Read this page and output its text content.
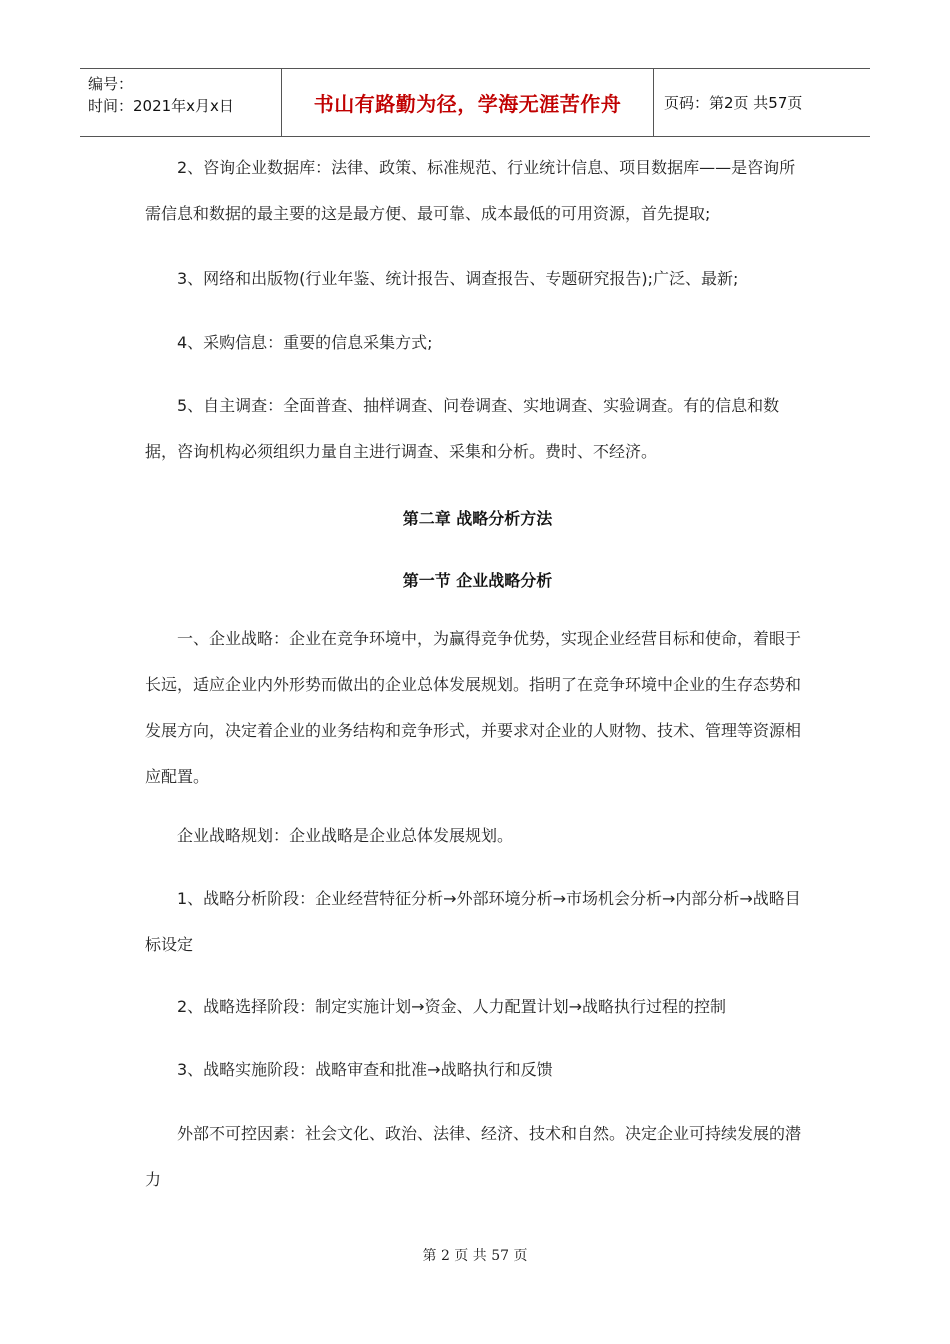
编号：
时间：2021年x月x日	书山有路勤为径，学海无涯苦作舟	页码：第2页 共57页
2、咨询企业数据库：法律、政策、标准规范、行业统计信息、项目数据库——是咨询所需信息和数据的最主要的这是最方便、最可靠、成本最低的可用资源，首先提取;
3、网络和出版物(行业年鉴、统计报告、调查报告、专题研究报告);广泛、最新;
4、采购信息：重要的信息采集方式;
5、自主调查：全面普查、抽样调查、问卷调查、实地调查、实验调查。有的信息和数据，咨询机构必须组织力量自主进行调查、采集和分析。费时、不经济。
第二章 战略分析方法
第一节 企业战略分析
一、企业战略：企业在竞争环境中，为赢得竞争优势，实现企业经营目标和使命，着眼于长远，适应企业内外形势而做出的企业总体发展规划。指明了在竞争环境中企业的生存态势和发展方向，决定着企业的业务结构和竞争形式，并要求对企业的人财物、技术、管理等资源相应配置。
企业战略规划：企业战略是企业总体发展规划。
1、战略分析阶段：企业经营特征分析→外部环境分析→市场机会分析→内部分析→战略目标设定
2、战略选择阶段：制定实施计划→资金、人力配置计划→战略执行过程的控制
3、战略实施阶段：战略审查和批准→战略执行和反馈
外部不可控因素：社会文化、政治、法律、经济、技术和自然。决定企业可持续发展的潜力
第 2 页 共 57 页
